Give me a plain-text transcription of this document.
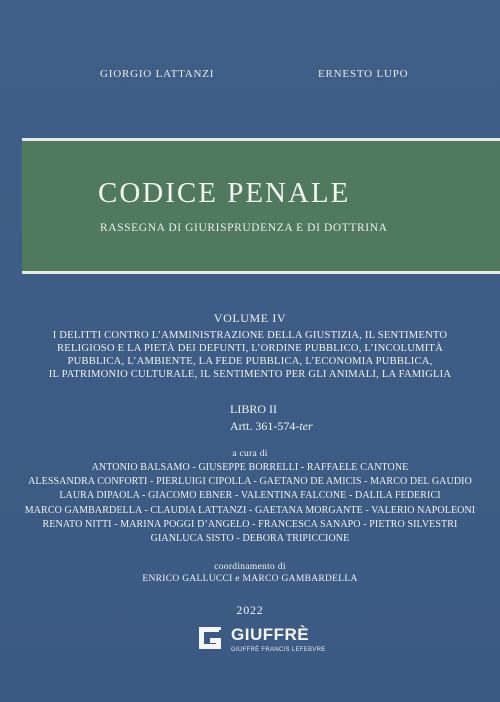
GIORGIO LATTANZI	ERNESTO LUPO
CODICE PENALE
RASSEGNA DI GIURISPRUDENZA E DI DOTTRINA
VOLUME IV
I DELITTI CONTRO L’AMMINISTRAZIONE DELLA GIUSTIZIA, IL SENTIMENTO
RELIGIOSO E LA PIETÀ DEI DEFUNTI, L’ORDINE PUBBLICO, L’INCOLUMITÀ
PUBBLICA, L’AMBIENTE, LA FEDE PUBBLICA, L’ECONOMIA PUBBLICA,
IL PATRIMONIO CULTURALE, IL SENTIMENTO PER GLI ANIMALI, LA FAMIGLIA
LIBRO II
Artt. 361-574-ter
a cura di
ANTONIO BALSAMO - GIUSEPPE BORRELLI - RAFFAELE CANTONE
ALESSANDRA CONFORTI - PIERLUIGI CIPOLLA - GAETANO DE AMICIS - MARCO DEL GAUDIO
LAURA DIPAOLA - GIACOMO EBNER - VALENTINA FALCONE - DALILA FEDERICI
MARCO GAMBARDELLA - CLAUDIA LATTANZI - GAETANA MORGANTE - VALERIO NAPOLEONI
RENATO NITTI - MARINA POGGI D’ANGELO - FRANCESCA SANAPO - PIETRO SILVESTRI
GIANLUCA SISTO - DEBORA TRIPICCIONE
coordinamento di
ENRICO GALLUCCI e MARCO GAMBARDELLA
2022
GIUFFRÈ
GIUFFRÈ FRANCIS LEFEBVRE
